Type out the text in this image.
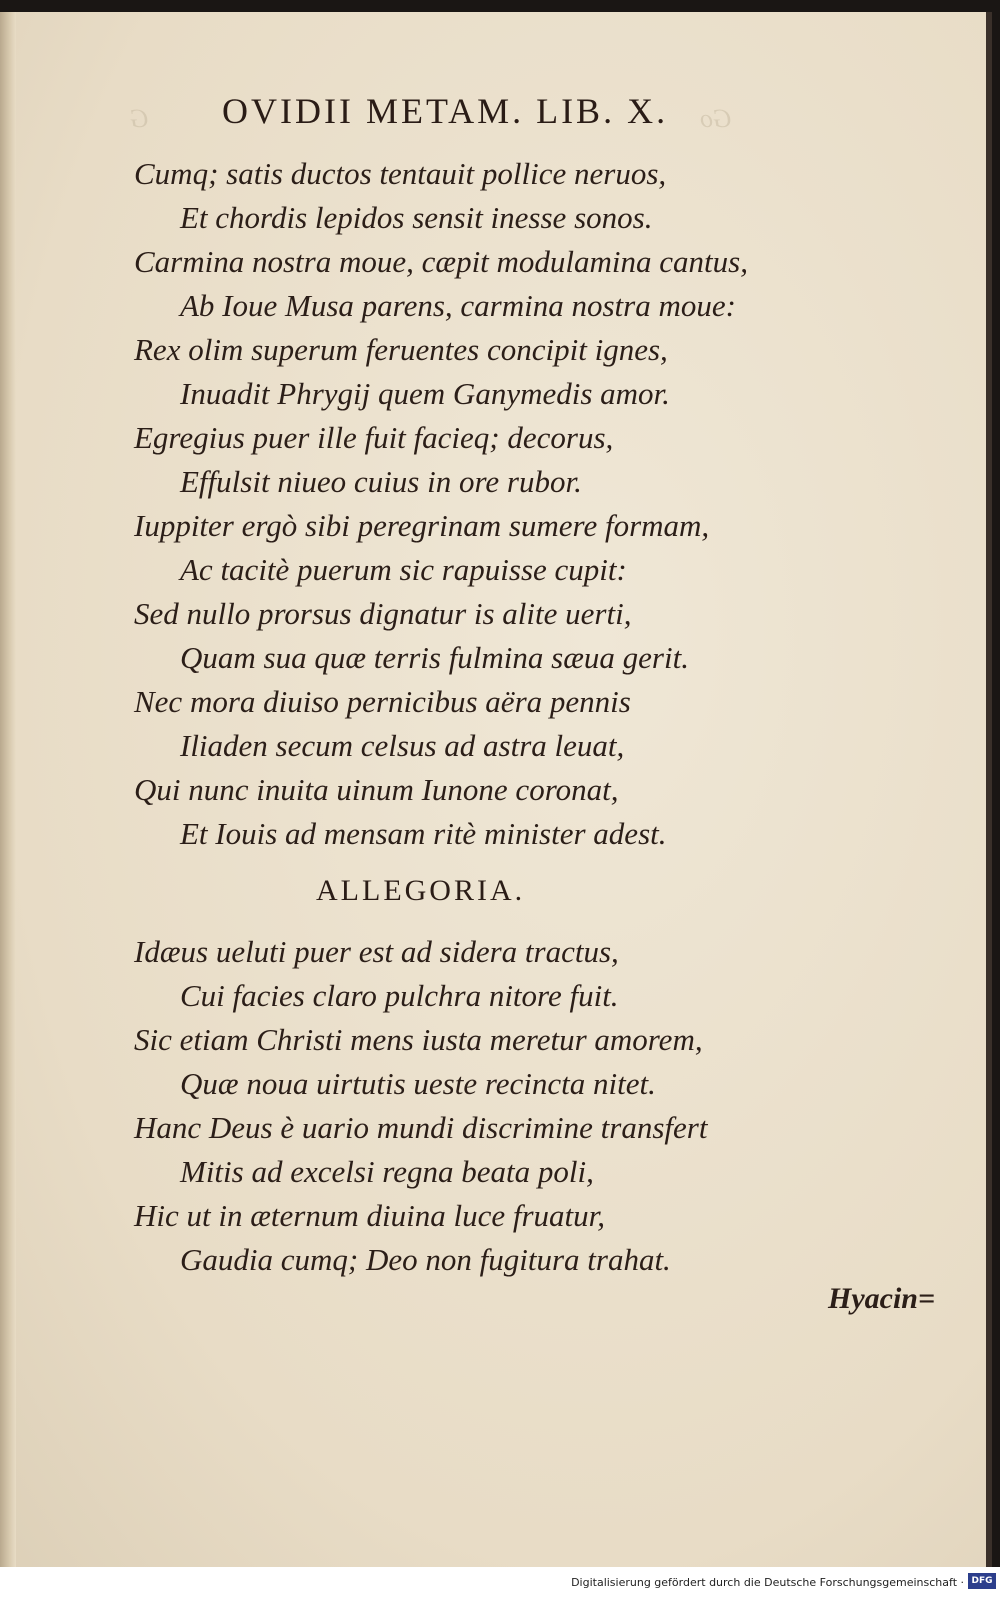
G	Go
OVIDII METAM. LIB. X.
Cumq; satis ductos tentauit pollice neruos,
Et chordis lepidos sensit inesse sonos.
Carmina nostra moue, cæpit modulamina cantus,
Ab Ioue Musa parens, carmina nostra moue:
Rex olim superum feruentes concipit ignes,
Inuadit Phrygij quem Ganymedis amor.
Egregius puer ille fuit facieq; decorus,
Effulsit niueo cuius in ore rubor.
Iuppiter ergò sibi peregrinam sumere formam,
Ac tacitè puerum sic rapuisse cupit:
Sed nullo prorsus dignatur is alite uerti,
Quam sua quæ terris fulmina sæua gerit.
Nec mora diuiso pernicibus aëra pennis
Iliaden secum celsus ad astra leuat,
Qui nunc inuita uinum Iunone coronat,
Et Iouis ad mensam ritè minister adest.
ALLEGORIA.
Idæus ueluti puer est ad sidera tractus,
Cui facies claro pulchra nitore fuit.
Sic etiam Christi mens iusta meretur amorem,
Quæ noua uirtutis ueste recincta nitet.
Hanc Deus è uario mundi discrimine transfert
Mitis ad excelsi regna beata poli,
Hic ut in æternum diuina luce fruatur,
Gaudia cumq; Deo non fugitura trahat.
Hyacin=
Digitalisierung gefördert durch die Deutsche Forschungsgemeinschaft · DFG
